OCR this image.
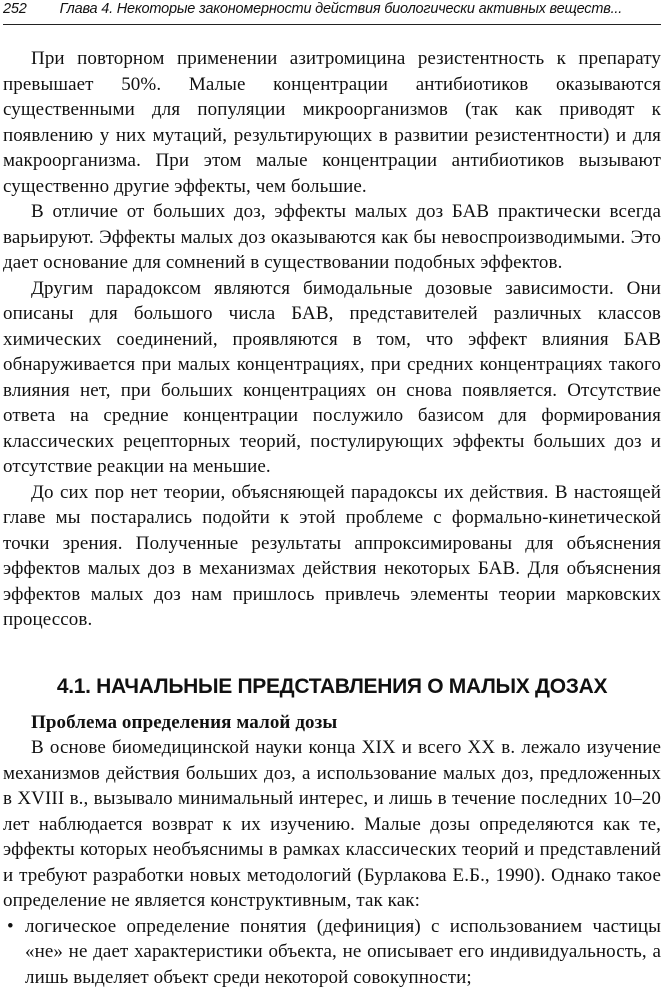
252 Глава 4. Некоторые закономерности действия биологически активных веществ...

При повторном применении азитромицина резистентность к препарату превышает 50%. Малые концентрации антибиотиков оказываются существенными для популяции микроорганизмов (так как приводят к появлению у них мутаций, результирующих в развитии резистентности) и для макроорганизма. При этом малые концентрации антибиотиков вызывают существенно другие эффекты, чем большие.

В отличие от больших доз, эффекты малых доз БАВ практически всегда варьируют. Эффекты малых доз оказываются как бы невоспроизводимыми. Это дает основание для сомнений в существовании подобных эффектов.

Другим парадоксом являются бимодальные дозовые зависимости. Они описаны для большого числа БАВ, представителей различных классов химических соединений, проявляются в том, что эффект влияния БАВ обнаруживается при малых концентрациях, при средних концентрациях такого влияния нет, при больших концентрациях он снова появляется. Отсутствие ответа на средние концентрации послужило базисом для формирования классических рецепторных теорий, постулирующих эффекты больших доз и отсутствие реакции на меньшие.

До сих пор нет теории, объясняющей парадоксы их действия. В настоящей главе мы постарались подойти к этой проблеме с формально-кинетической точки зрения. Полученные результаты аппроксимированы для объяснения эффектов малых доз в механизмах действия некоторых БАВ. Для объяснения эффектов малых доз нам пришлось привлечь элементы теории марковских процессов.

4.1. НАЧАЛЬНЫЕ ПРЕДСТАВЛЕНИЯ О МАЛЫХ ДОЗАХ

Проблема определения малой дозы

В основе биомедицинской науки конца XIX и всего XX в. лежало изучение механизмов действия больших доз, а использование малых доз, предложенных в XVIII в., вызывало минимальный интерес, и лишь в течение последних 10–20 лет наблюдается возврат к их изучению. Малые дозы определяются как те, эффекты которых необъяснимы в рамках классических теорий и представлений и требуют разработки новых методологий (Бурлакова Е.Б., 1990). Однако такое определение не является конструктивным, так как:

• логическое определение понятия (дефиниция) с использованием частицы «не» не дает характеристики объекта, не описывает его индивидуальность, а лишь выделяет объект среди некоторой совокупности;
